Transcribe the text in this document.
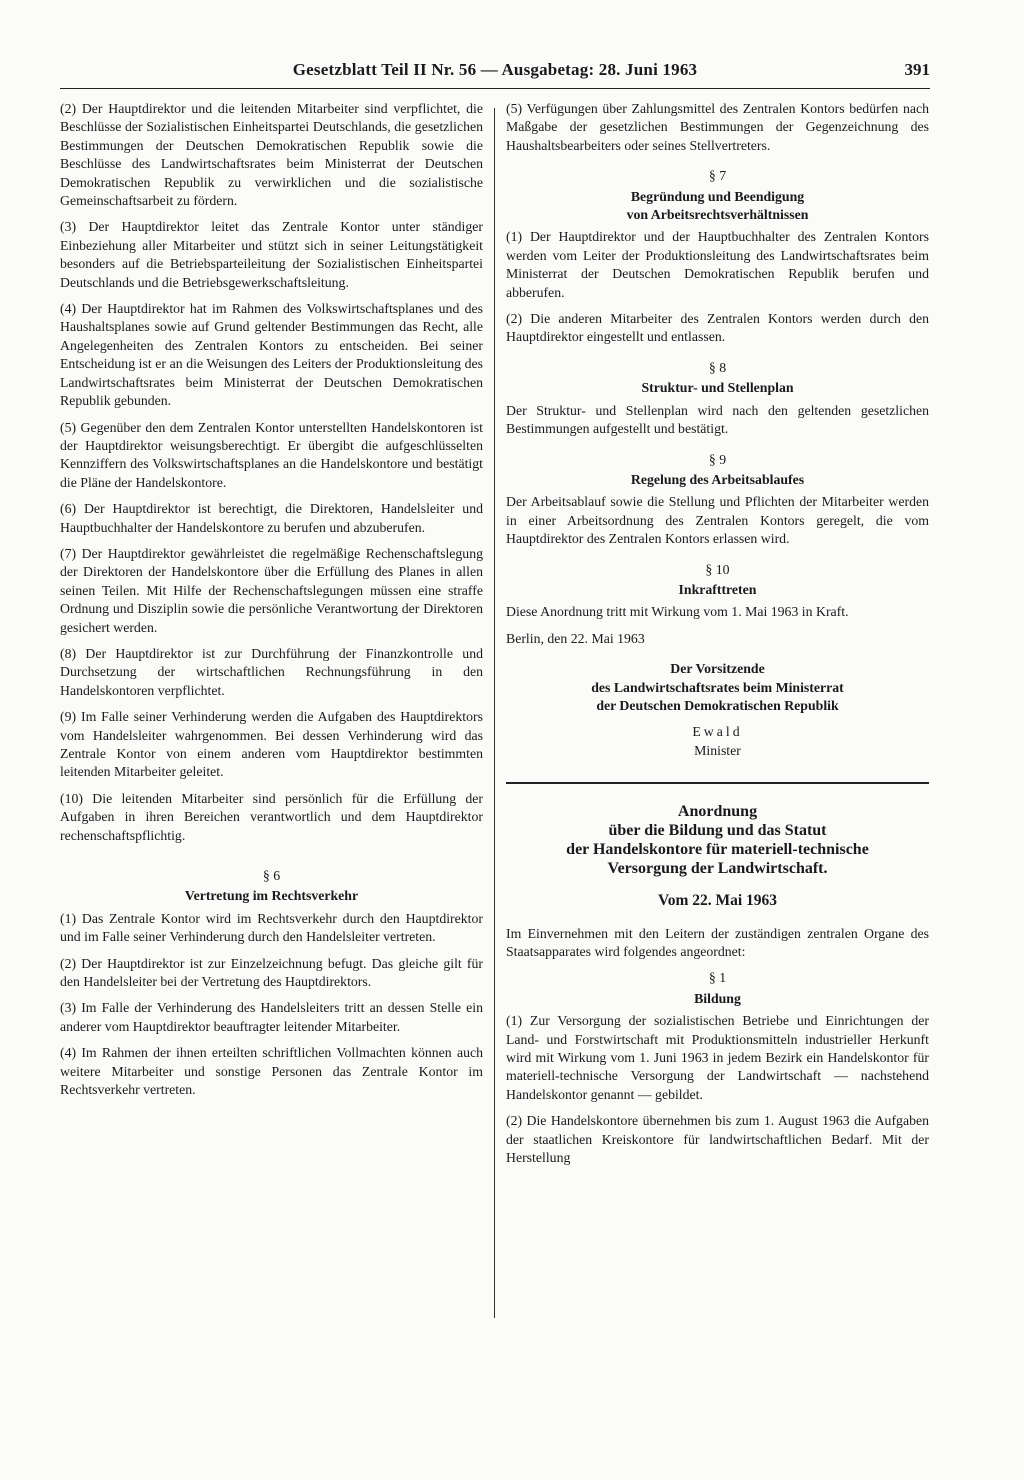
Gesetzblatt Teil II Nr. 56 — Ausgabetag: 28. Juni 1963	391

(2) Der Hauptdirektor und die leitenden Mitarbeiter sind verpflichtet, die Beschlüsse der Sozialistischen Einheitspartei Deutschlands, die gesetzlichen Bestimmungen der Deutschen Demokratischen Republik sowie die Beschlüsse des Landwirtschaftsrates beim Ministerrat der Deutschen Demokratischen Republik zu verwirklichen und die sozialistische Gemeinschaftsarbeit zu fördern.

(3) Der Hauptdirektor leitet das Zentrale Kontor unter ständiger Einbeziehung aller Mitarbeiter und stützt sich in seiner Leitungstätigkeit besonders auf die Betriebsparteileitung der Sozialistischen Einheitspartei Deutschlands und die Betriebsgewerkschaftsleitung.

(4) Der Hauptdirektor hat im Rahmen des Volkswirtschaftsplanes und des Haushaltsplanes sowie auf Grund geltender Bestimmungen das Recht, alle Angelegenheiten des Zentralen Kontors zu entscheiden. Bei seiner Entscheidung ist er an die Weisungen des Leiters der Produktionsleitung des Landwirtschaftsrates beim Ministerrat der Deutschen Demokratischen Republik gebunden.

(5) Gegenüber den dem Zentralen Kontor unterstellten Handelskontoren ist der Hauptdirektor weisungsberechtigt. Er übergibt die aufgeschlüsselten Kennziffern des Volkswirtschaftsplanes an die Handelskontore und bestätigt die Pläne der Handelskontore.

(6) Der Hauptdirektor ist berechtigt, die Direktoren, Handelsleiter und Hauptbuchhalter der Handelskontore zu berufen und abzuberufen.

(7) Der Hauptdirektor gewährleistet die regelmäßige Rechenschaftslegung der Direktoren der Handelskontore über die Erfüllung des Planes in allen seinen Teilen. Mit Hilfe der Rechenschaftslegungen müssen eine straffe Ordnung und Disziplin sowie die persönliche Verantwortung der Direktoren gesichert werden.

(8) Der Hauptdirektor ist zur Durchführung der Finanzkontrolle und Durchsetzung der wirtschaftlichen Rechnungsführung in den Handelskontoren verpflichtet.

(9) Im Falle seiner Verhinderung werden die Aufgaben des Hauptdirektors vom Handelsleiter wahrgenommen. Bei dessen Verhinderung wird das Zentrale Kontor von einem anderen vom Hauptdirektor bestimmten leitenden Mitarbeiter geleitet.

(10) Die leitenden Mitarbeiter sind persönlich für die Erfüllung der Aufgaben in ihren Bereichen verantwortlich und dem Hauptdirektor rechenschaftspflichtig.

§ 6
Vertretung im Rechtsverkehr

(1) Das Zentrale Kontor wird im Rechtsverkehr durch den Hauptdirektor und im Falle seiner Verhinderung durch den Handelsleiter vertreten.

(2) Der Hauptdirektor ist zur Einzelzeichnung befugt. Das gleiche gilt für den Handelsleiter bei der Vertretung des Hauptdirektors.

(3) Im Falle der Verhinderung des Handelsleiters tritt an dessen Stelle ein anderer vom Hauptdirektor beauftragter leitender Mitarbeiter.

(4) Im Rahmen der ihnen erteilten schriftlichen Vollmachten können auch weitere Mitarbeiter und sonstige Personen das Zentrale Kontor im Rechtsverkehr vertreten.

(5) Verfügungen über Zahlungsmittel des Zentralen Kontors bedürfen nach Maßgabe der gesetzlichen Bestimmungen der Gegenzeichnung des Haushaltsbearbeiters oder seines Stellvertreters.

§ 7
Begründung und Beendigung
von Arbeitsrechtsverhältnissen

(1) Der Hauptdirektor und der Hauptbuchhalter des Zentralen Kontors werden vom Leiter der Produktionsleitung des Landwirtschaftsrates beim Ministerrat der Deutschen Demokratischen Republik berufen und abberufen.

(2) Die anderen Mitarbeiter des Zentralen Kontors werden durch den Hauptdirektor eingestellt und entlassen.

§ 8
Struktur- und Stellenplan

Der Struktur- und Stellenplan wird nach den geltenden gesetzlichen Bestimmungen aufgestellt und bestätigt.

§ 9
Regelung des Arbeitsablaufes

Der Arbeitsablauf sowie die Stellung und Pflichten der Mitarbeiter werden in einer Arbeitsordnung des Zentralen Kontors geregelt, die vom Hauptdirektor des Zentralen Kontors erlassen wird.

§ 10
Inkrafttreten

Diese Anordnung tritt mit Wirkung vom 1. Mai 1963 in Kraft.

Berlin, den 22. Mai 1963

Der Vorsitzende
des Landwirtschaftsrates beim Ministerrat
der Deutschen Demokratischen Republik

Ewald

Minister

Anordnung
über die Bildung und das Statut
der Handelskontore für materiell-technische
Versorgung der Landwirtschaft.
Vom 22. Mai 1963

Im Einvernehmen mit den Leitern der zuständigen zentralen Organe des Staatsapparates wird folgendes angeordnet:

§ 1
Bildung

(1) Zur Versorgung der sozialistischen Betriebe und Einrichtungen der Land- und Forstwirtschaft mit Produktionsmitteln industrieller Herkunft wird mit Wirkung vom 1. Juni 1963 in jedem Bezirk ein Handelskontor für materiell-technische Versorgung der Landwirtschaft — nachstehend Handelskontor genannt — gebildet.

(2) Die Handelskontore übernehmen bis zum 1. August 1963 die Aufgaben der staatlichen Kreiskontore für landwirtschaftlichen Bedarf. Mit der Herstellung
